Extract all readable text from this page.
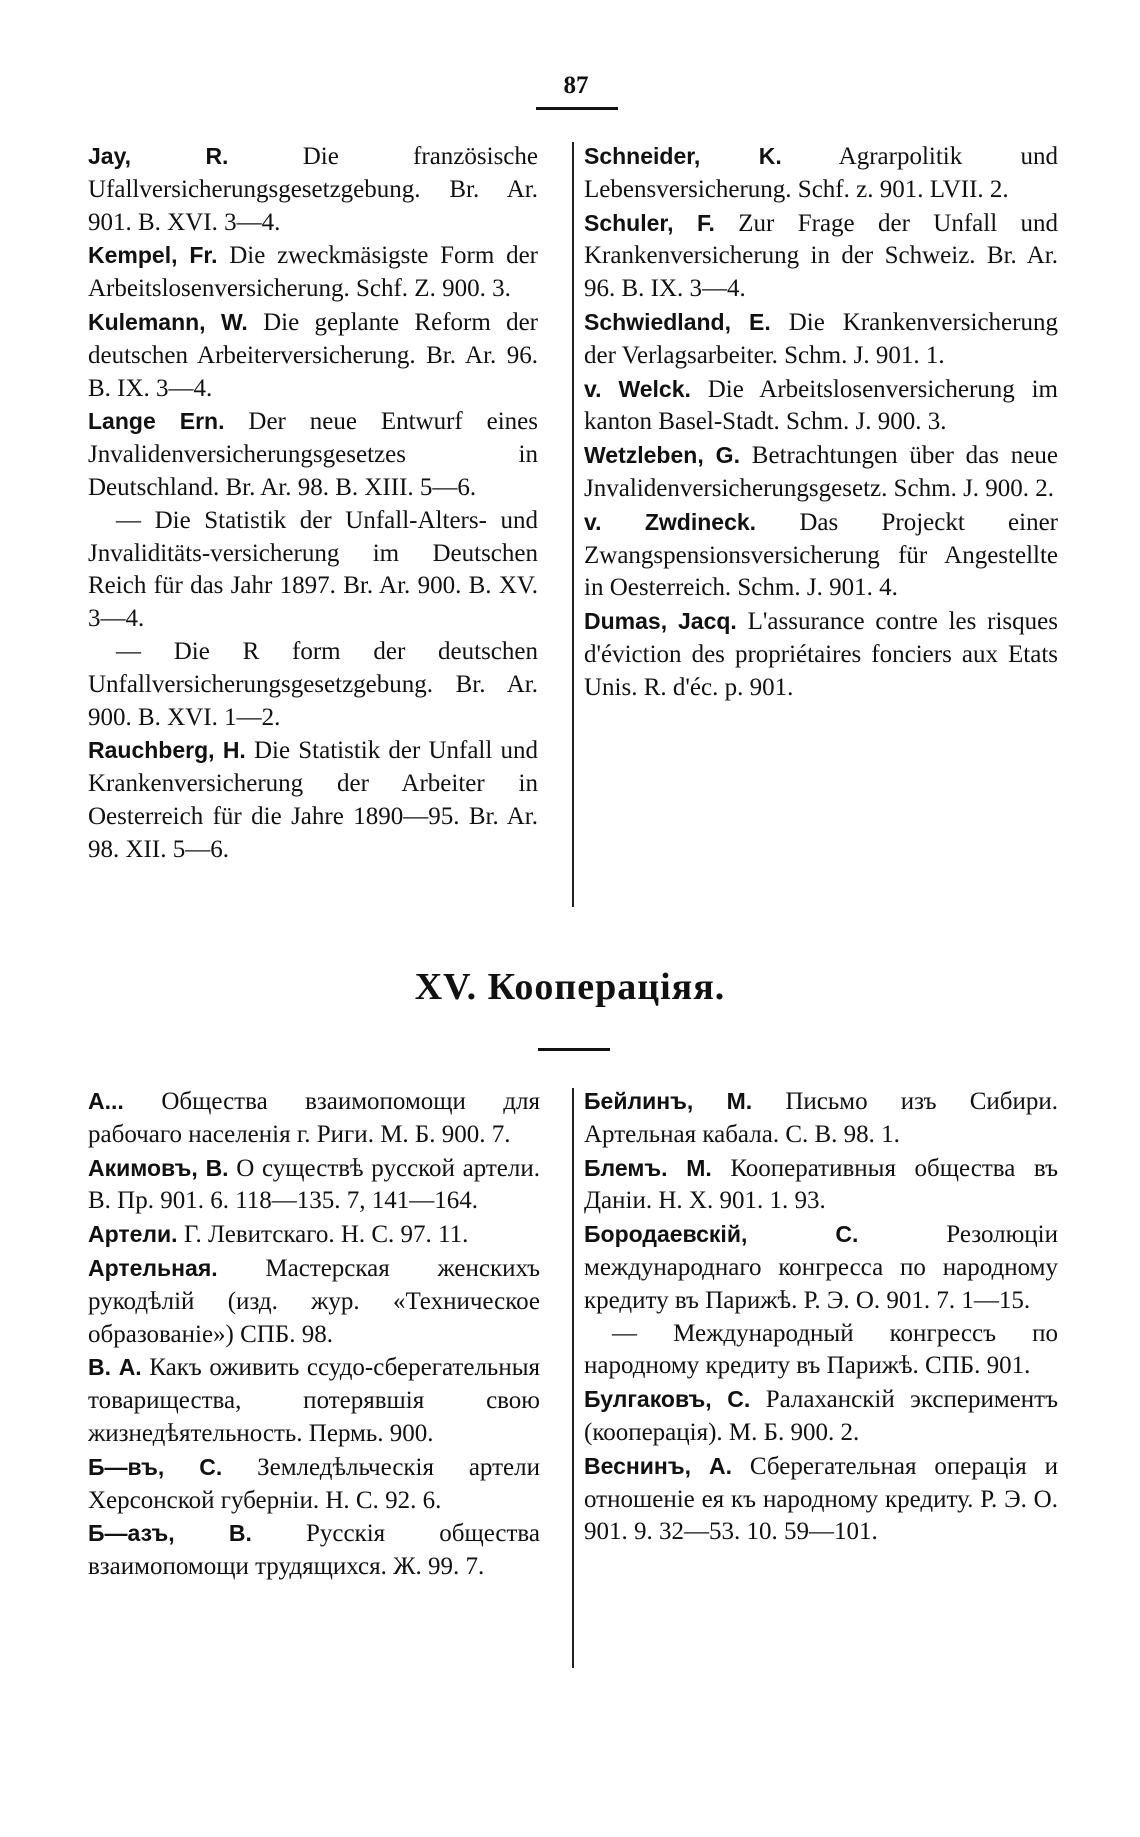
87

Jay, R. Die französische Ufallversicherungsgesetzgebung. Br. Ar. 901. B. XVI. 3—4.

Kempel, Fr. Die zweckmäsigste Form der Arbeitslosenversicherung. Schf. Z. 900. 3.

Kulemann, W. Die geplante Reform der deutschen Arbeiterversicherung. Br. Ar. 96. B. IX. 3—4.

Lange Ern. Der neue Entwurf eines Jnvalidenversicherungsgesetzes in Deutschland. Br. Ar. 98. B. XIII. 5—6.

— Die Statistik der Unfall-Alters- und Jnvaliditäts-versicherung im Deutschen Reich für das Jahr 1897. Br. Ar. 900. B. XV. 3—4.

— Die R form der deutschen Unfallversicherungsgesetzgebung. Br. Ar. 900. B. XVI. 1—2.

Rauchberg, H. Die Statistik der Unfall und Krankenversicherung der Arbeiter in Oesterreich für die Jahre 1890—95. Br. Ar. 98. XII. 5—6.

Schneider, K. Agrarpolitik und Lebensversicherung. Schf. z. 901. LVII. 2.

Schuler, F. Zur Frage der Unfall und Krankenversicherung in der Schweiz. Br. Ar. 96. B. IX. 3—4.

Schwiedland, E. Die Krankenversicherung der Verlagsarbeiter. Schm. J. 901. 1.

v. Welck. Die Arbeitslosenversicherung im kanton Basel-Stadt. Schm. J. 900. 3.

Wetzleben, G. Betrachtungen über das neue Jnvalidenversicherungsgesetz. Schm. J. 900. 2.

v. Zwdineck. Das Projeckt einer Zwangspensionsversicherung für Angestellte in Oesterreich. Schm. J. 901. 4.

Dumas, Jacq. L'assurance contre les risques d'éviction des propriétaires fonciers aux Etats Unis. R. d'éc. p. 901.

XV. Коопераціяя.

А... Общества взаимопомощи для рабочаго населенія г. Риги. М. Б. 900. 7.

Акимовъ, В. О существѣ русской артели. В. Пр. 901. 6. 118—135. 7, 141—164.

Артели. Г. Левитскаго. Н. С. 97. 11.

Артельная. Мастерская женскихъ рукодѣлій (изд. жур. «Техническое образованіе») СПБ. 98.

В. А. Какъ оживить ссудо-сберегательныя товарищества, потерявшія свою жизнедѣятельность. Пермь. 900.

Б—въ, С. Земледѣльческія артели Херсонской губерніи. Н. С. 92. 6.

Б—азъ, В. Русскія общества взаимопомощи трудящихся. Ж. 99. 7.

Бейлинъ, М. Письмо изъ Сибири. Артельная кабала. С. В. 98. 1.

Блемъ. М. Кооперативныя общества въ Даніи. Н. Х. 901. 1. 93.

Бородаевскій, С. Резолюціи международнаго конгресса по народному кредиту въ Парижѣ. Р. Э. О. 901. 7. 1—15.

— Международный конгрессъ по народному кредиту въ Парижѣ. СПБ. 901.

Булгаковъ, С. Ралаханскій экспериментъ (кооперація). М. Б. 900. 2.

Веснинъ, А. Сберегательная операція и отношеніе ея къ народному кредиту. Р. Э. О. 901. 9. 32—53. 10. 59—101.
